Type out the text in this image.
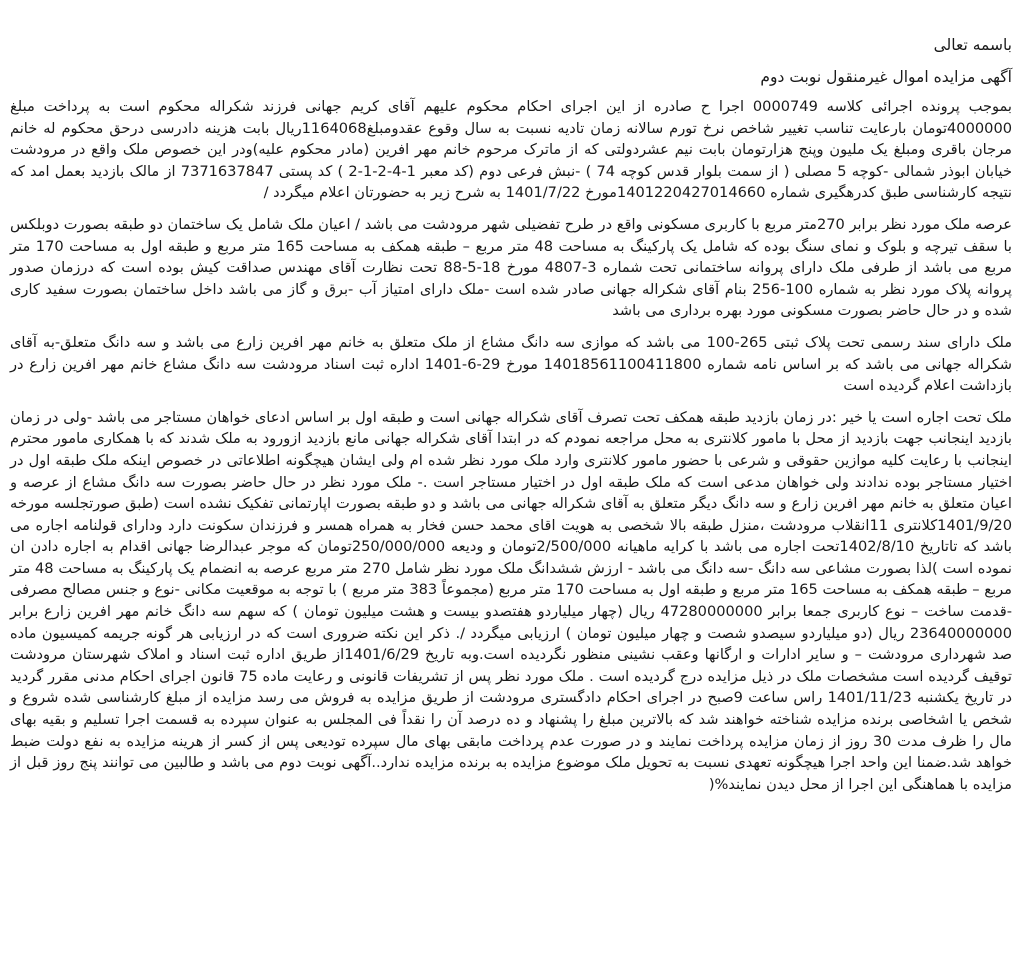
باسمه تعالی

آگهی مزایده اموال غیرمنقول نوبت دوم

بموجب پرونده اجرائی کلاسه 0000749 اجرا ح صادره از این اجرای احکام محکوم علیهم آقای کریم جهانی فرزند شکراله محکوم است به پرداخت مبلغ 4000000تومان بارعایت تناسب تغییر شاخص نرخ تورم سالانه زمان تادیه نسبت به سال وقوع عقدومبلغ1164068ریال بابت هزینه دادرسی درحق محکوم له خانم مرجان باقری ومبلغ یک ملیون وپنج هزارتومان بابت نیم عشردولتی که از ماترک مرحوم خانم مهر افرین (مادر محکوم علیه)ودر این خصوص ملک واقع در مرودشت خیابان ابوذر شمالی -کوچه 5 مصلی ( از سمت بلوار قدس کوچه 74 ) -نبش فرعی دوم (کد معبر 1-4-2-1-2 ) کد پستی 7371637847 از مالک بازدید بعمل امد که نتیجه کارشناسی طبق کدرهگیری شماره 140122042701466‌0مورخ 1401/7/22 به شرح زیر به حضورتان اعلام میگردد /

عرصه ملک مورد نظر برابر 270متر مربع با کاربری مسکونی واقع در طرح تفضیلی شهر مرودشت می باشد / اعیان ملک شامل یک ساختمان دو طبقه بصورت دوبلکس با سقف تیرچه و بلوک و نمای سنگ بوده که شامل یک پارکینگ به مساحت 48 متر مربع – طبقه همکف به مساحت 165 متر مربع و طبقه اول به مساحت 170 متر مربع می باشد از طرفی ملک دارای پروانه ساختمانی تحت شماره 3-4807 مورخ 18-5-88 تحت نظارت آقای مهندس صداقت کیش بوده است که درزمان صدور پروانه پلاک مورد نظر به شماره 100-256 بنام آقای شکراله جهانی صادر شده است -ملک دارای امتیاز آب -برق و گاز می باشد داخل ساختمان بصورت سفید کاری شده و در حال حاضر بصورت مسکونی مورد بهره برداری می باشد

ملک دارای سند رسمی تحت پلاک ثبتی 265-100 می باشد که موازی سه دانگ مشاع از ملک متعلق به خانم مهر افرین زارع می باشد و سه دانگ متعلق-به آقای شکراله جهانی می باشد که بر اساس نامه شماره 140185611004118‌00 مورخ 29-6-1401 اداره ثبت اسناد مرودشت سه دانگ مشاع خانم مهر افرین زارع در بازداشت اعلام گردیده است

ملک تحت اجاره است یا خیر :در زمان بازدید طبقه همکف تحت تصرف آقای شکراله جهانی است و طبقه اول بر اساس ادعای خواهان مستاجر می باشد -ولی در زمان بازدید اینجانب جهت بازدید از محل با مامور کلانتری به محل مراجعه نمودم که در ابتدا آقای شکراله جهانی مانع بازدید ازورود به ملک شدند که با همکاری مامور محترم اینجانب با رعایت کلیه موازین حقوقی و شرعی با حضور مامور کلانتری وارد ملک مورد نظر شده ام ولی ایشان هیچگونه اطلاعاتی در خصوص اینکه ملک طبقه اول در اختیار مستاجر بوده ندادند ولی خواهان مدعی است که ملک طبقه اول در اختیار مستاجر است .- ملک مورد نظر در حال حاضر بصورت سه دانگ مشاع از عرصه و اعیان متعلق به خانم مهر افرین زارع و سه دانگ دیگر متعلق به آقای شکراله جهانی می باشد و دو طبقه بصورت اپارتمانی تفکیک نشده است (طبق صورتجلسه مورخه 1401/9/20کلانتری 11انقلاب مرودشت ،منزل طبقه بالا شخصی به هویت اقای محمد حسن فخار به همراه همسر و فرزندان سکونت دارد ودارای قولنامه اجاره می باشد که تاتاریخ 1402/8/10تحت اجاره می باشد با کرایه ماهیانه 2/500/000تومان و ودیعه 250/000/000تومان که موجر عبدالرضا جهانی اقدام به اجاره دادن ان نموده است )لذا بصورت مشاعی سه دانگ -سه دانگ می باشد - ارزش ششدانگ ملک مورد نظر شامل 270 متر مربع عرصه به انضمام یک پارکینگ به مساحت 48 متر مربع – طبقه همکف به مساحت 165 متر مربع و طبقه اول به مساحت 170 متر مربع (مجموعاً 383 متر مربع ) با توجه به موقعیت مکانی -نوع و جنس مصالح مصرفی -قدمت ساخت – نوع کاربری جمعا برابر 47280000000 ریال (چهار میلیاردو هفتصدو بیست و هشت میلیون تومان ) که سهم سه دانگ خانم مهر افرین زارع برابر 23640000000 ریال (دو میلیاردو سیصدو شصت و چهار میلیون تومان ) ارزیابی میگردد /. ذکر این نکته ضروری است که در ارزیابی هر گونه جریمه کمیسیون ماده صد شهرداری مرودشت – و سایر ادارات و ارگانها وعقب نشینی منظور نگردیده است.وبه تاریخ 1401/6/29از طریق اداره ثبت اسناد و املاک شهرستان مرودشت توقیف گردیده است مشخصات ملک در ذیل مزایده درج گردیده است . ملک مورد نظر پس از تشریفات قانونی و رعایت ماده 75 قانون اجرای احکام مدنی مقرر گردید در تاریخ یکشنبه 1401/11/23 راس ساعت 9صبح در اجرای احکام دادگستری مرودشت از طریق مزایده به فروش می رسد مزایده از مبلغ کارشناسی شده شروع و شخص یا اشخاصی برنده مزایده شناخته خواهند شد که بالاترین مبلغ را پشنهاد و ده درصد آن را نقداً فی المجلس به عنوان سپرده به قسمت اجرا تسلیم و بقیه بهای مال را ظرف مدت 30 روز از زمان مزایده پرداخت نمایند و در صورت عدم پرداخت مابقی بهای مال سپرده تودیعی پس از کسر از هرینه مزایده به نفع دولت ضبط خواهد شد.ضمنا این واحد اجرا هیچگونه تعهدی نسبت به تحویل ملک موضوع مزایده به برنده مزایده ندارد..آگهی نوبت دوم می باشد و طالبین می توانند پنج روز قبل از مزایده با هماهنگی این اجرا از محل دیدن نمایند%(
